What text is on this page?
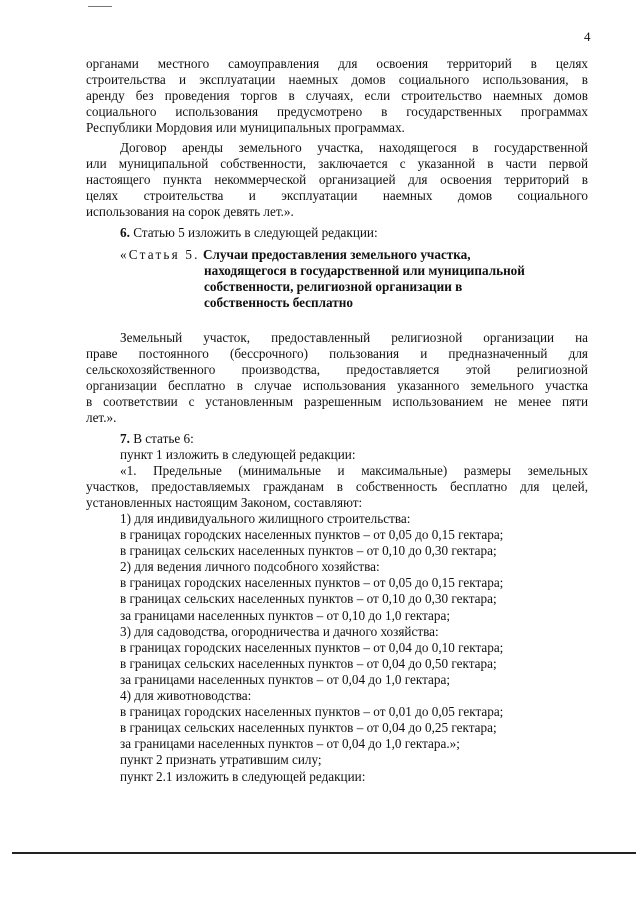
4
органами местного самоуправления для освоения территорий в целях
строительства и эксплуатации наемных домов социального использования, в
аренду без проведения торгов в случаях, если строительство наемных домов
социального использования предусмотрено в государственных программах
Республики Мордовия или муниципальных программах.
Договор аренды земельного участка, находящегося в государственной
или муниципальной собственности, заключается с указанной в части первой
настоящего пункта некоммерческой организацией для освоения территорий в
целях строительства и эксплуатации наемных домов социального
использования на сорок девять лет.».
6. Статью 5 изложить в следующей редакции:
«Статья 5. Случаи предоставления земельного участка,
находящегося в государственной или муниципальной
собственности, религиозной организации в
собственность бесплатно
Земельный участок, предоставленный религиозной организации на
праве постоянного (бессрочного) пользования и предназначенный для
сельскохозяйственного производства, предоставляется этой религиозной
организации бесплатно в случае использования указанного земельного участка
в соответствии с установленным разрешенным использованием не менее пяти
лет.».
7. В статье 6:
пункт 1 изложить в следующей редакции:
«1. Предельные (минимальные и максимальные) размеры земельных
участков, предоставляемых гражданам в собственность бесплатно для целей,
установленных настоящим Законом, составляют:
1) для индивидуального жилищного строительства:
в границах городских населенных пунктов – от 0,05 до 0,15 гектара;
в границах сельских населенных пунктов – от 0,10 до 0,30 гектара;
2) для ведения личного подсобного хозяйства:
в границах городских населенных пунктов – от 0,05 до 0,15 гектара;
в границах сельских населенных пунктов – от 0,10 до 0,30 гектара;
за границами населенных пунктов – от 0,10 до 1,0 гектара;
3) для садоводства, огородничества и дачного хозяйства:
в границах городских населенных пунктов – от 0,04 до 0,10 гектара;
в границах сельских населенных пунктов – от 0,04 до 0,50 гектара;
за границами населенных пунктов – от 0,04 до 1,0 гектара;
4) для животноводства:
в границах городских населенных пунктов – от 0,01 до 0,05 гектара;
в границах сельских населенных пунктов – от 0,04 до 0,25 гектара;
за границами населенных пунктов – от 0,04 до 1,0 гектара.»;
пункт 2 признать утратившим силу;
пункт 2.1 изложить в следующей редакции:
